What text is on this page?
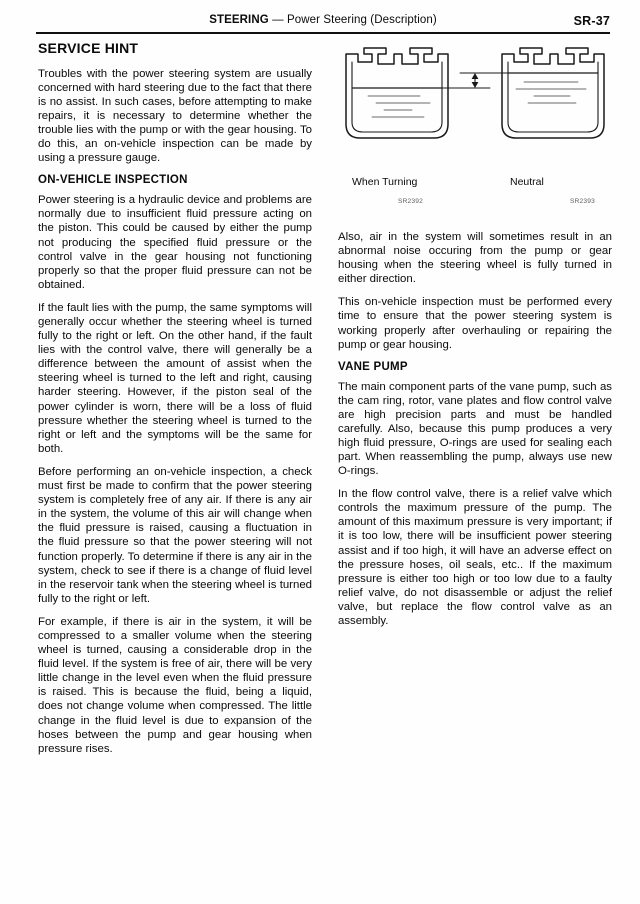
STEERING — Power Steering (Description)	SR-37
SERVICE HINT

Troubles with the power steering system are usually concerned with hard steering due to the fact that there is no assist. In such cases, before attempting to make repairs, it is necessary to determine whether the trouble lies with the pump or with the gear housing. To do this, an on-vehicle inspection can be made by using a pressure gauge.

ON-VEHICLE INSPECTION

Power steering is a hydraulic device and problems are normally due to insufficient fluid pressure acting on the piston. This could be caused by either the pump not producing the specified fluid pressure or the control valve in the gear housing not functioning properly so that the proper fluid pressure can not be obtained.

If the fault lies with the pump, the same symptoms will generally occur whether the steering wheel is turned fully to the right or left. On the other hand, if the fault lies with the control valve, there will generally be a difference between the amount of assist when the steering wheel is turned to the left and right, causing harder steering. However, if the piston seal of the power cylinder is worn, there will be a loss of fluid pressure whether the steering wheel is turned to the right or left and the symptoms will be the same for both.

Before performing an on-vehicle inspection, a check must first be made to confirm that the power steering system is completely free of any air. If there is any air in the system, the volume of this air will change when the fluid pressure is raised, causing a fluctuation in the fluid pressure so that the power steering will not function properly. To determine if there is any air in the system, check to see if there is a change of fluid level in the reservoir tank when the steering wheel is turned fully to the right or left.

For example, if there is air in the system, it will be compressed to a smaller volume when the steering wheel is turned, causing a considerable drop in the fluid level. If the system is free of air, there will be very little change in the level even when the fluid pressure is raised. This is because the fluid, being a liquid, does not change volume when compressed. The little change in the fluid level is due to expansion of the hoses between the pump and gear housing when pressure rises.

When Turning	Neutral
SR2392	SR2393

Also, air in the system will sometimes result in an abnormal noise occuring from the pump or gear housing when the steering wheel is fully turned in either direction.

This on-vehicle inspection must be performed every time to ensure that the power steering system is working properly after overhauling or repairing the pump or gear housing.

VANE PUMP

The main component parts of the vane pump, such as the cam ring, rotor, vane plates and flow control valve are high precision parts and must be handled carefully. Also, because this pump produces a very high fluid pressure, O-rings are used for sealing each part. When reassembling the pump, always use new O-rings.

In the flow control valve, there is a relief valve which controls the maximum pressure of the pump. The amount of this maximum pressure is very important; if it is too low, there will be insufficient power steering assist and if too high, it will have an adverse effect on the pressure hoses, oil seals, etc.. If the maximum pressure is either too high or too low due to a faulty relief valve, do not disassemble or adjust the relief valve, but replace the flow control valve as an assembly.
